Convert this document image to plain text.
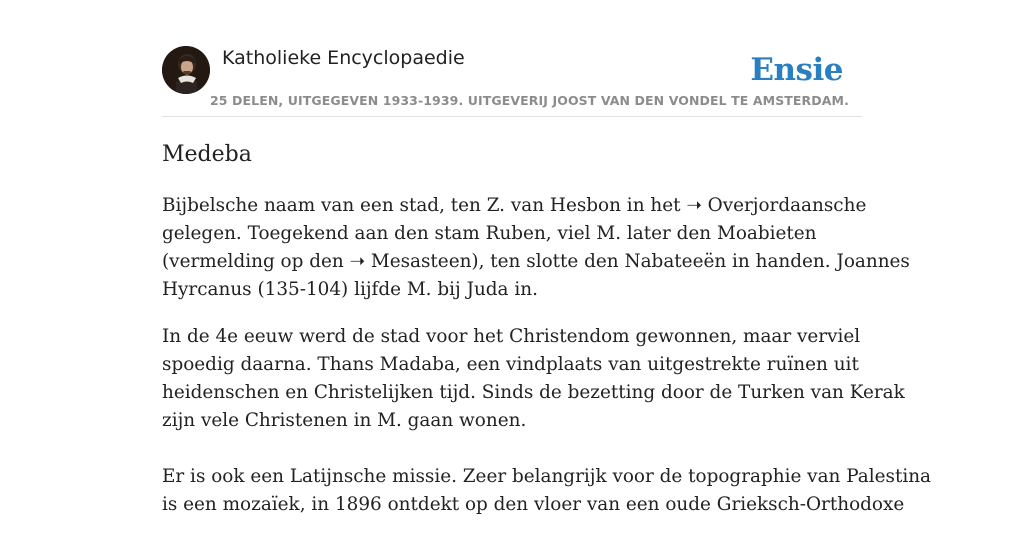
Katholieke Encyclopaedie
25 DELEN, UITGEGEVEN 1933-1939. UITGEVERIJ JOOST VAN DEN VONDEL TE AMSTERDAM.
Ensie
Medeba

Bijbelsche naam van een stad, ten Z. van Hesbon in het ➝ Overjordaansche
gelegen. Toegekend aan den stam Ruben, viel M. later den Moabieten
(vermelding op den ➝ Mesasteen), ten slotte den Nabateeën in handen. Joannes
Hyrcanus (135-104) lijfde M. bij Juda in.

In de 4e eeuw werd de stad voor het Christendom gewonnen, maar verviel
spoedig daarna. Thans Madaba, een vindplaats van uitgestrekte ruïnen uit
heidenschen en Christelijken tijd. Sinds de bezetting door de Turken van Kerak
zijn vele Christenen in M. gaan wonen.

Er is ook een Latijnsche missie. Zeer belangrijk voor de topographie van Palestina
is een mozaïek, in 1896 ontdekt op den vloer van een oude Grieksch-Orthodoxe
